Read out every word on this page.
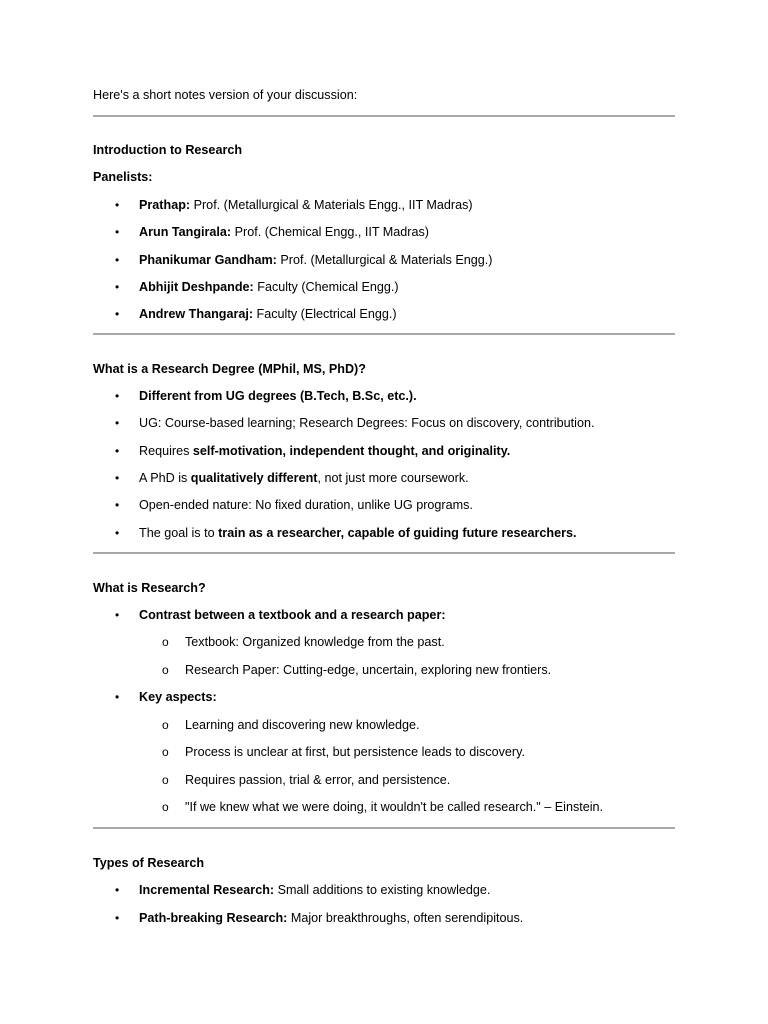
Here's a short notes version of your discussion:
Introduction to Research
Panelists:
• Prathap: Prof. (Metallurgical & Materials Engg., IIT Madras)
• Arun Tangirala: Prof. (Chemical Engg., IIT Madras)
• Phanikumar Gandham: Prof. (Metallurgical & Materials Engg.)
• Abhijit Deshpande: Faculty (Chemical Engg.)
• Andrew Thangaraj: Faculty (Electrical Engg.)
What is a Research Degree (MPhil, MS, PhD)?
• Different from UG degrees (B.Tech, B.Sc, etc.).
• UG: Course-based learning; Research Degrees: Focus on discovery, contribution.
• Requires self-motivation, independent thought, and originality.
• A PhD is qualitatively different, not just more coursework.
• Open-ended nature: No fixed duration, unlike UG programs.
• The goal is to train as a researcher, capable of guiding future researchers.
What is Research?
• Contrast between a textbook and a research paper:
o Textbook: Organized knowledge from the past.
o Research Paper: Cutting-edge, uncertain, exploring new frontiers.
• Key aspects:
o Learning and discovering new knowledge.
o Process is unclear at first, but persistence leads to discovery.
o Requires passion, trial & error, and persistence.
o "If we knew what we were doing, it wouldn't be called research." – Einstein.
Types of Research
• Incremental Research: Small additions to existing knowledge.
• Path-breaking Research: Major breakthroughs, often serendipitous.
